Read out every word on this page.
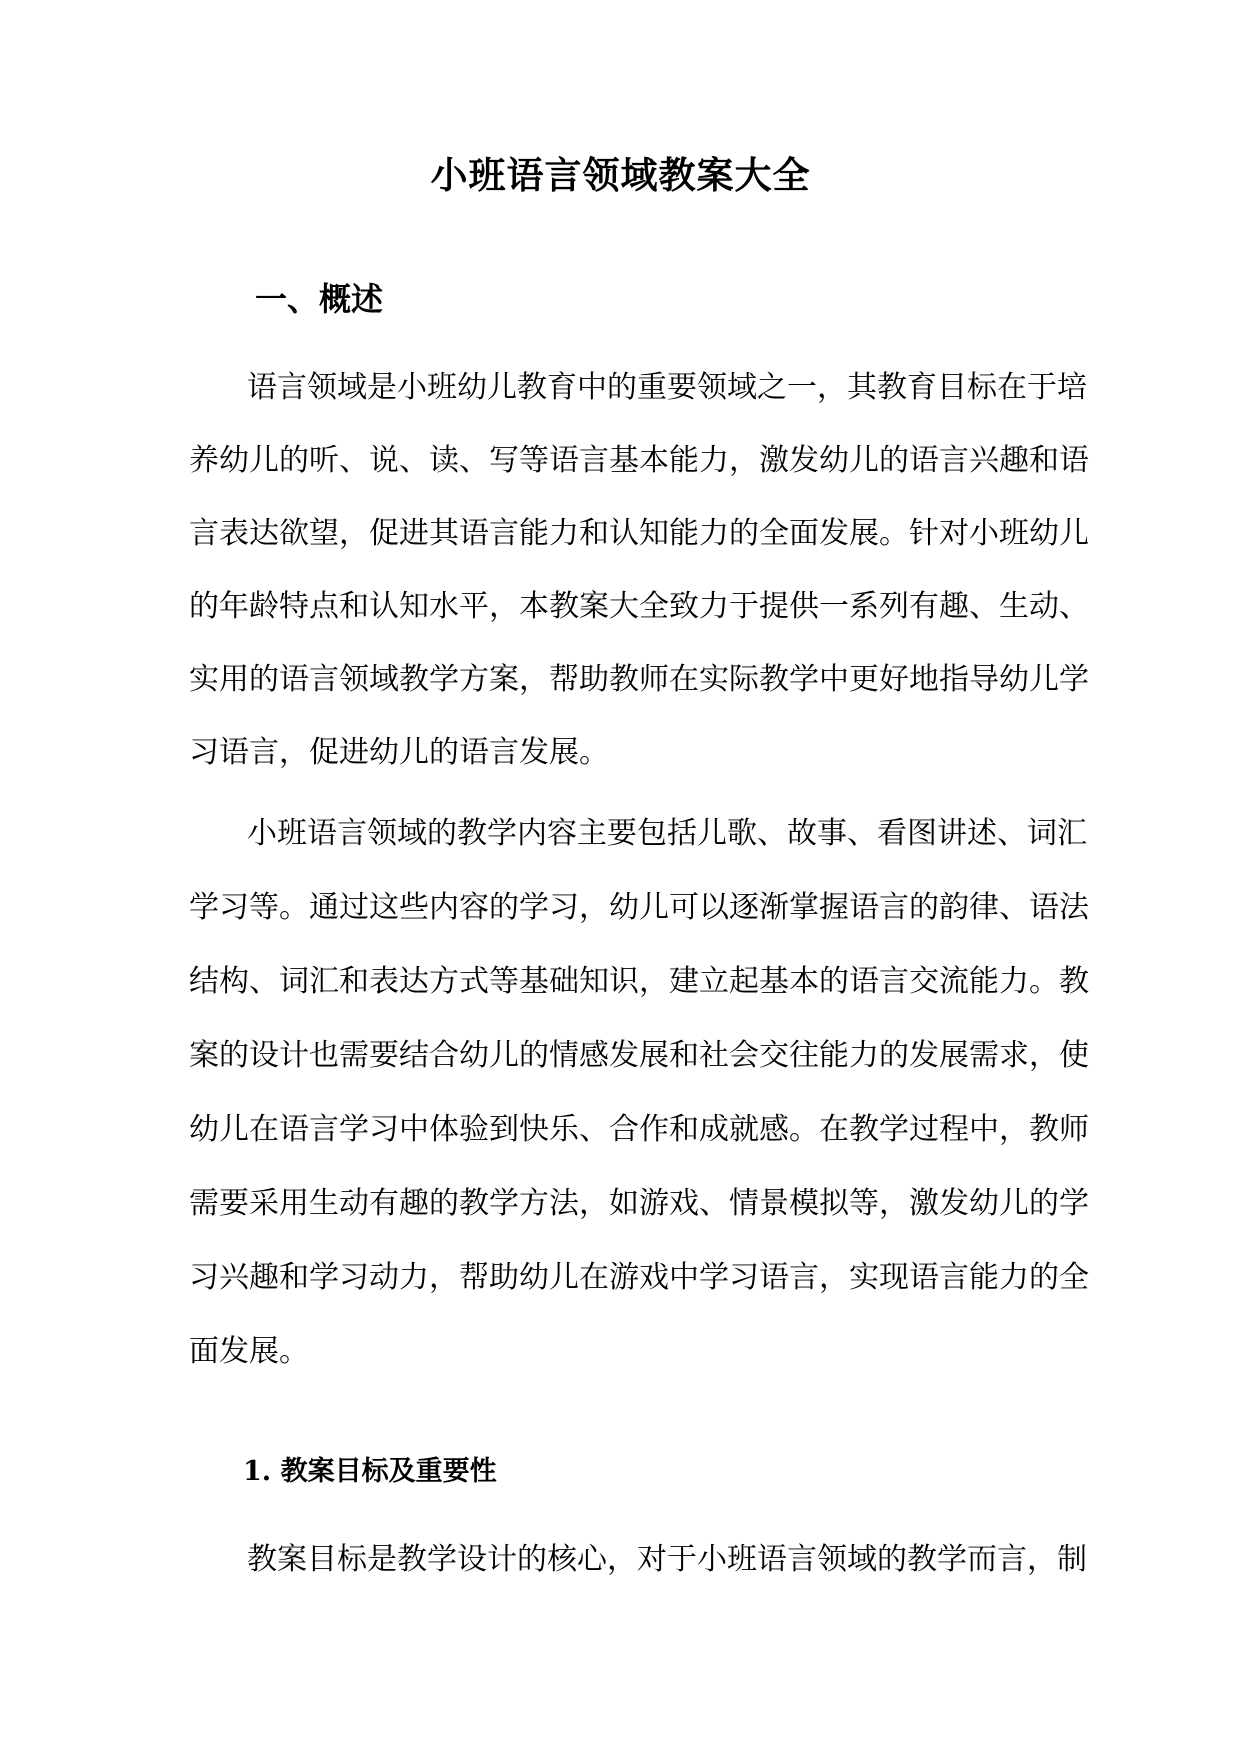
小班语言领域教案大全
一、概述
语言领域是小班幼儿教育中的重要领域之一，其教育目标在于培
养幼儿的听、说、读、写等语言基本能力，激发幼儿的语言兴趣和语
言表达欲望，促进其语言能力和认知能力的全面发展。针对小班幼儿
的年龄特点和认知水平，本教案大全致力于提供一系列有趣、生动、
实用的语言领域教学方案，帮助教师在实际教学中更好地指导幼儿学
习语言，促进幼儿的语言发展。
小班语言领域的教学内容主要包括儿歌、故事、看图讲述、词汇
学习等。通过这些内容的学习，幼儿可以逐渐掌握语言的韵律、语法
结构、词汇和表达方式等基础知识，建立起基本的语言交流能力。教
案的设计也需要结合幼儿的情感发展和社会交往能力的发展需求，使
幼儿在语言学习中体验到快乐、合作和成就感。在教学过程中，教师
需要采用生动有趣的教学方法，如游戏、情景模拟等，激发幼儿的学
习兴趣和学习动力，帮助幼儿在游戏中学习语言，实现语言能力的全
面发展。
1. 教案目标及重要性
教案目标是教学设计的核心，对于小班语言领域的教学而言，制
